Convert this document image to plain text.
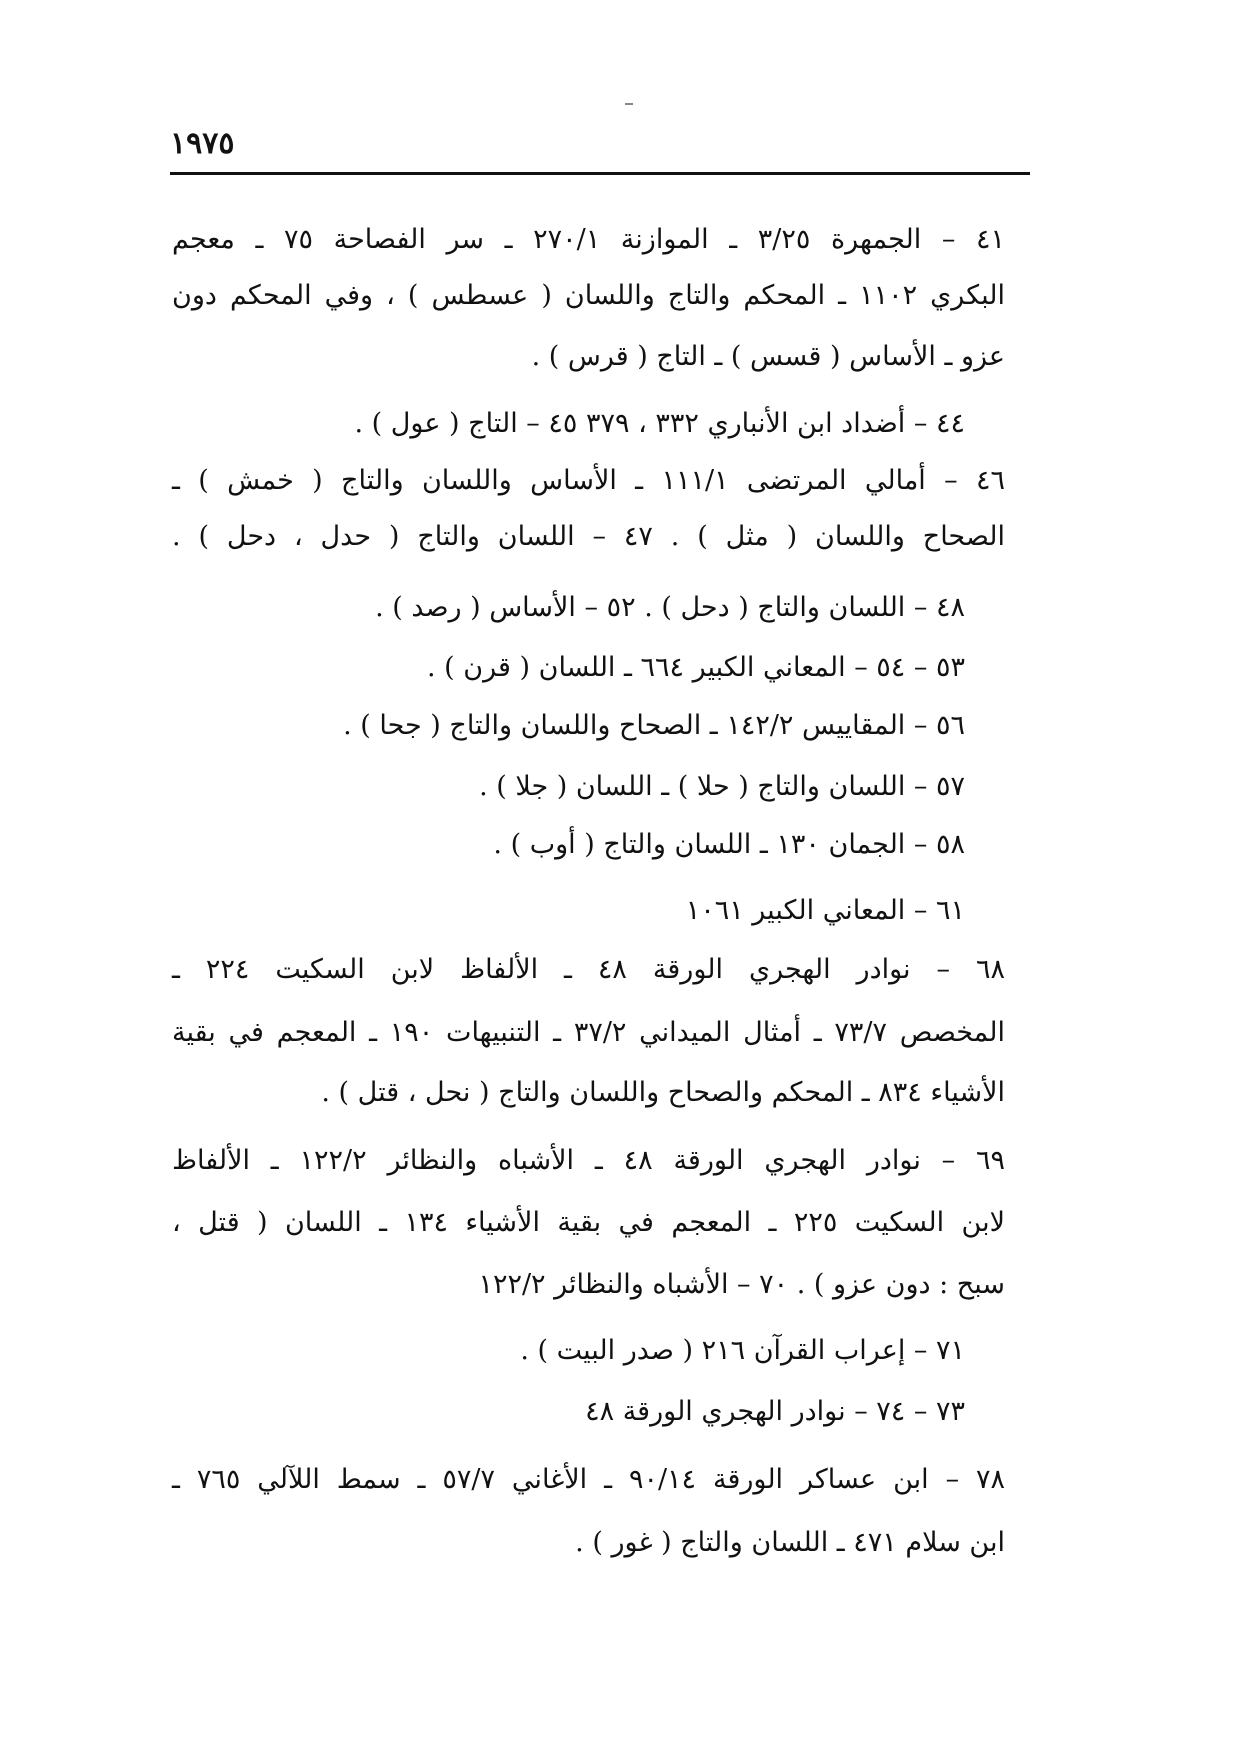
١٩٧٥
٤١ – الجمهرة ٣/٢٥ ـ الموازنة ٢٧٠/١ ـ سر الفصاحة ٧٥ ـ معجم
البكري ١١٠٢ ـ المحكم والتاج واللسان ( عسطس ) ، وفي المحكم دون
عزو ـ الأساس ( قسس ) ـ التاج ( قرس ) .
٤٤ – أضداد ابن الأنباري ٣٣٢ ، ٣٧٩ ٤٥ – التاج ( عول ) .
٤٦ – أمالي المرتضى ١١١/١ ـ الأساس واللسان والتاج ( خمش ) ـ
الصحاح واللسان ( مثل ) . ٤٧ – اللسان والتاج ( حدل ، دحل ) .
٤٨ – اللسان والتاج ( دحل ) . ٥٢ – الأساس ( رصد ) .
٥٣ – ٥٤ – المعاني الكبير ٦٦٤ ـ اللسان ( قرن ) .
٥٦ – المقاييس ١٤٢/٢ ـ الصحاح واللسان والتاج ( جحا ) .
٥٧ – اللسان والتاج ( حلا ) ـ اللسان ( جلا ) .
٥٨ – الجمان ١٣٠ ـ اللسان والتاج ( أوب ) .
٦١ – المعاني الكبير ١٠٦١
٦٨ – نوادر الهجري الورقة ٤٨ ـ الألفاظ لابن السكيت ٢٢٤ ـ
المخصص ٧٣/٧ ـ أمثال الميداني ٣٧/٢ ـ التنبيهات ١٩٠ ـ المعجم في بقية
الأشياء ٨٣٤ ـ المحكم والصحاح واللسان والتاج ( نحل ، قتل ) .
٦٩ – نوادر الهجري الورقة ٤٨ ـ الأشباه والنظائر ١٢٢/٢ ـ الألفاظ
لابن السكيت ٢٢٥ ـ المعجم في بقية الأشياء ١٣٤ ـ اللسان ( قتل ،
سبح : دون عزو ) . ٧٠ – الأشباه والنظائر ١٢٢/٢
٧١ – إعراب القرآن ٢١٦ ( صدر البيت ) .
٧٣ – ٧٤ – نوادر الهجري الورقة ٤٨
٧٨ – ابن عساكر الورقة ٩٠/١٤ ـ الأغاني ٥٧/٧ ـ سمط اللآلي ٧٦٥ ـ
ابن سلام ٤٧١ ـ اللسان والتاج ( غور ) .
